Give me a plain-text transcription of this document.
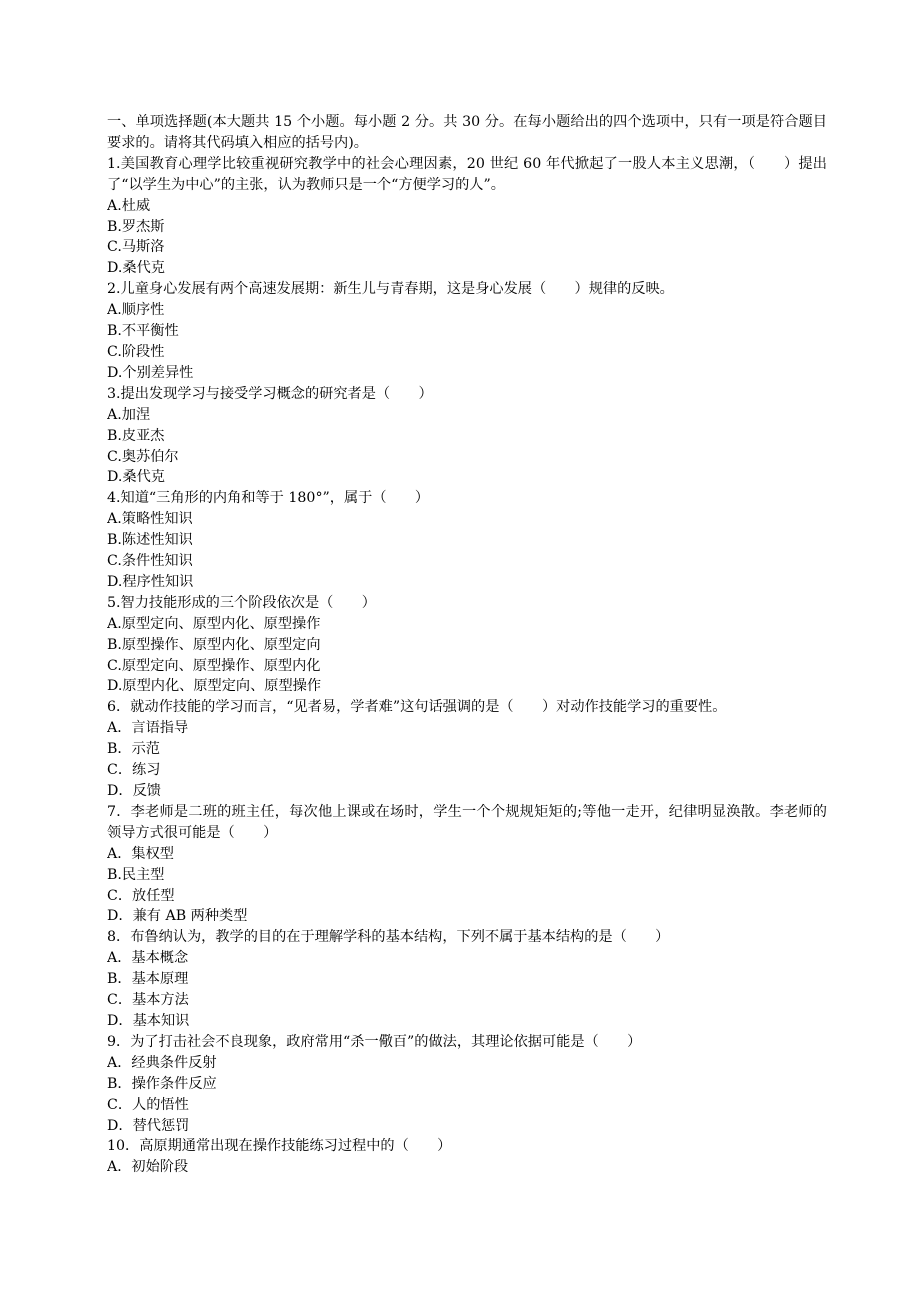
一、单项选择题(本大题共 15 个小题。每小题 2 分。共 30 分。在每小题给出的四个选项中，只有一项是符合题目要求的。请将其代码填入相应的括号内)。
1.美国教育心理学比较重视研究教学中的社会心理因素，20 世纪 60 年代掀起了一股人本主义思潮，（　　）提出了“以学生为中心”的主张，认为教师只是一个“方便学习的人”。
A.杜威
B.罗杰斯
C.马斯洛
D.桑代克
2.儿童身心发展有两个高速发展期：新生儿与青春期，这是身心发展（　　）规律的反映。
A.顺序性
B.不平衡性
C.阶段性
D.个别差异性
3.提出发现学习与接受学习概念的研究者是（　　）
A.加涅
B.皮亚杰
C.奥苏伯尔
D.桑代克
4.知道“三角形的内角和等于 180°”，属于（　　）
A.策略性知识
B.陈述性知识
C.条件性知识
D.程序性知识
5.智力技能形成的三个阶段依次是（　　）
A.原型定向、原型内化、原型操作
B.原型操作、原型内化、原型定向
C.原型定向、原型操作、原型内化
D.原型内化、原型定向、原型操作
6．就动作技能的学习而言，“见者易，学者难”这句话强调的是（　　）对动作技能学习的重要性。
A．言语指导
B．示范
C．练习
D．反馈
7．李老师是二班的班主任，每次他上课或在场时，学生一个个规规矩矩的;等他一走开，纪律明显涣散。李老师的领导方式很可能是（　　）
A．集权型
B.民主型
C．放任型
D．兼有 AB 两种类型
8．布鲁纳认为，教学的目的在于理解学科的基本结构，下列不属于基本结构的是（　　）
A．基本概念
B．基本原理
C．基本方法
D．基本知识
9．为了打击社会不良现象，政府常用“杀一儆百”的做法，其理论依据可能是（　　）
A．经典条件反射
B．操作条件反应
C．人的悟性
D．替代惩罚
10．高原期通常出现在操作技能练习过程中的（　　）
A．初始阶段
